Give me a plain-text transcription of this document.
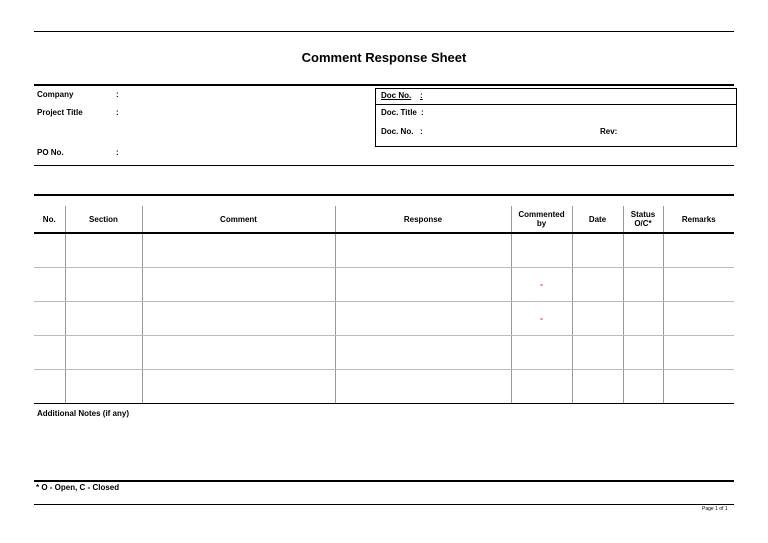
Comment Response Sheet
Company	:
Project Title	:
PO No.	:
Doc No. :
Doc. Title :
Doc. No. :	Rev:
No.	Section	Comment	Response	Commented by	Date	Status O/C*	Remarks

				-			
				-			

Additional Notes (if any)
* O - Open, C - Closed
Page 1 of 1
